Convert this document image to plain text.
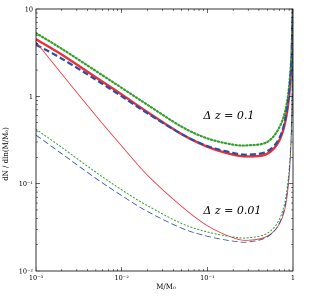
10⁻³	10⁻²	10⁻¹	1
10⁻²
10⁻¹
1
10
M/M₀
dN / dln(M/M₀)
Δ z = 0.1
Δ z = 0.01
